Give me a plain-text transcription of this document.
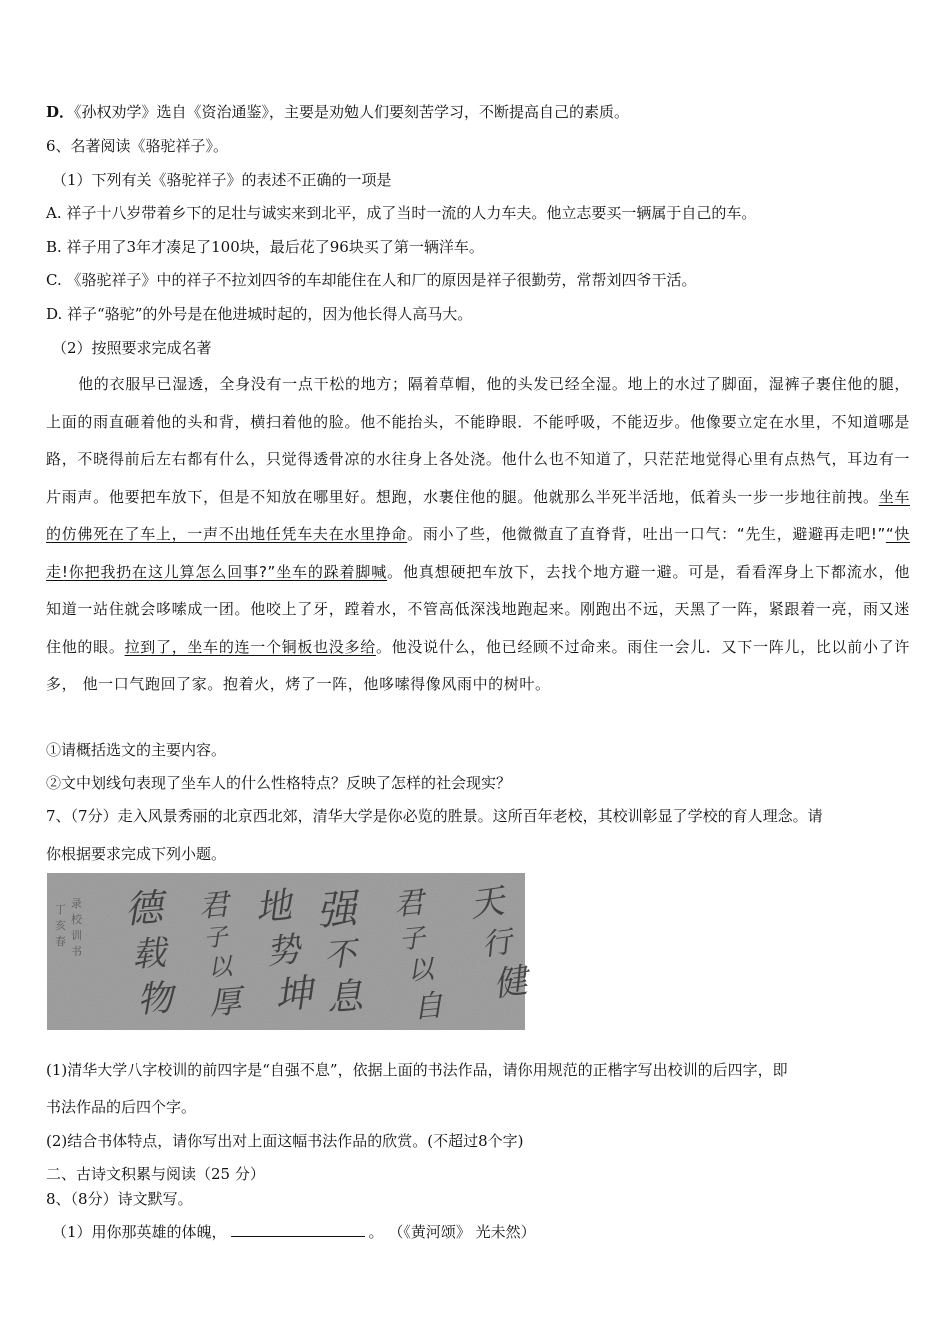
D．《孙权劝学》选自《资治通鉴》，主要是劝勉人们要刻苦学习，不断提高自己的素质。
6、名著阅读《骆驼祥子》。
（1）下列有关《骆驼祥子》的表述不正确的一项是
A. 祥子十八岁带着乡下的足壮与诚实来到北平，成了当时一流的人力车夫。他立志要买一辆属于自己的车。
B. 祥子用了3年才凑足了100块，最后花了96块买了第一辆洋车。
C. 《骆驼祥子》中的祥子不拉刘四爷的车却能住在人和厂的原因是祥子很勤劳，常帮刘四爷干活。
D. 祥子“骆驼”的外号是在他进城时起的，因为他长得人高马大。
（2）按照要求完成名著
他的衣服早已湿透，全身没有一点干松的地方；隔着草帽，他的头发已经全湿。地上的水过了脚面，湿裤子裹住他的腿，上面的雨直砸着他的头和背，横扫着他的脸。他不能抬头，不能睁眼．不能呼吸，不能迈步。他像要立定在水里，不知道哪是路，不晓得前后左右都有什么，只觉得透骨凉的水往身上各处浇。他什么也不知道了，只茫茫地觉得心里有点热气，耳边有一片雨声。他要把车放下，但是不知放在哪里好。想跑，水裹住他的腿。他就那么半死半活地，低着头一步一步地往前拽。坐车的仿佛死在了车上，一声不出地任凭车夫在水里挣命。雨小了些，他微微直了直脊背，吐出一口气：“先生，避避再走吧!”“快走!你把我扔在这儿算怎么回事?”坐车的跺着脚喊。他真想硬把车放下，去找个地方避一避。可是，看看浑身上下都流水，他知道一站住就会哆嗦成一团。他咬上了牙，蹚着水，不管高低深浅地跑起来。刚跑出不远，天黑了一阵，紧跟着一亮，雨又迷住他的眼。拉到了，坐车的连一个铜板也没多给。他没说什么，他已经顾不过命来。雨住一会儿．又下一阵儿，比以前小了许多， 他一口气跑回了家。抱着火，烤了一阵，他哆嗦得像风雨中的树叶。
①请概括选文的主要内容。
②文中划线句表现了坐车人的什么性格特点？反映了怎样的社会现实？
7、（7分）走入风景秀丽的北京西北郊，清华大学是你必览的胜景。这所百年老校，其校训彰显了学校的育人理念。请
你根据要求完成下列小题。
天
行
健
君
子
以
自
强
不
息
地
势
坤
君
子
以
厚
德
载
物
丁
亥
春
录
校
训
书
(1)清华大学八字校训的前四字是“自强不息”，依据上面的书法作品，请你用规范的正楷字写出校训的后四字，即
书法作品的后四个字。
(2)结合书体特点，请你写出对上面这幅书法作品的欣赏。(不超过8个字)
二、古诗文积累与阅读（25 分）
8、（8分）诗文默写。
（1）用你那英雄的体魄，	。 （《黄河颂》 光未然）
